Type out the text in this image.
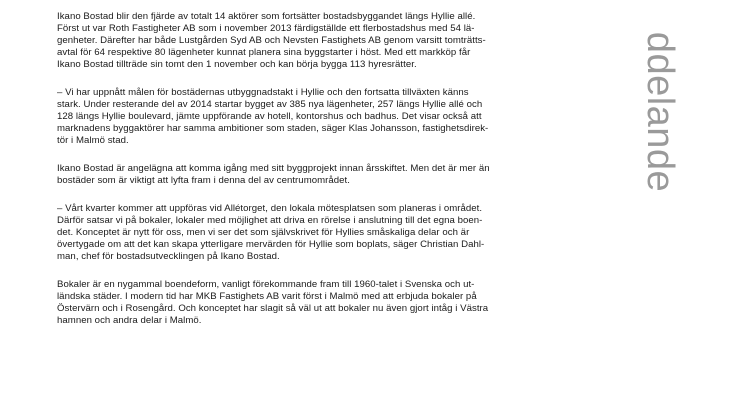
Ikano Bostad blir den fjärde av totalt 14 aktörer som fortsätter bostadsbyggandet längs Hyllie allé.
Först ut var Roth Fastigheter AB som i november 2013 färdigställde ett flerbostadshus med 54 lä-
genheter. Därefter har både Lustgården Syd AB och Nevsten Fastighets AB genom varsitt tomträtts-
avtal för 64 respektive 80 lägenheter kunnat planera sina byggstarter i höst. Med ett markköp får
Ikano Bostad tillträde sin tomt den 1 november och kan börja bygga 113 hyresrätter.

– Vi har uppnått målen för bostädernas utbyggnadstakt i Hyllie och den fortsatta tillväxten känns
stark. Under resterande del av 2014 startar bygget av 385 nya lägenheter, 257 längs Hyllie allé och
128 längs Hyllie boulevard, jämte uppförande av hotell, kontorshus och badhus. Det visar också att
marknadens byggaktörer har samma ambitioner som staden, säger Klas Johansson, fastighetsdirek-
tör i Malmö stad.

Ikano Bostad är angelägna att komma igång med sitt byggprojekt innan årsskiftet. Men det är mer än
bostäder som är viktigt att lyfta fram i denna del av centrumområdet.

– Vårt kvarter kommer att uppföras vid Allétorget, den lokala mötesplatsen som planeras i området.
Därför satsar vi på bokaler, lokaler med möjlighet att driva en rörelse i anslutning till det egna boen-
det. Konceptet är nytt för oss, men vi ser det som självskrivet för Hyllies småskaliga delar och är
övertygade om att det kan skapa ytterligare mervärden för Hyllie som boplats, säger Christian Dahl-
man, chef för bostadsutvecklingen på Ikano Bostad.

Bokaler är en nygammal boendeform, vanligt förekommande fram till 1960-talet i Svenska och ut-
ländska städer. I modern tid har MKB Fastighets AB varit först i Malmö med att erbjuda bokaler på
Östervärn och i Rosengård. Och konceptet har slagit så väl ut att bokaler nu även gjort intåg i Västra
hamnen och andra delar i Malmö.

ddelande
